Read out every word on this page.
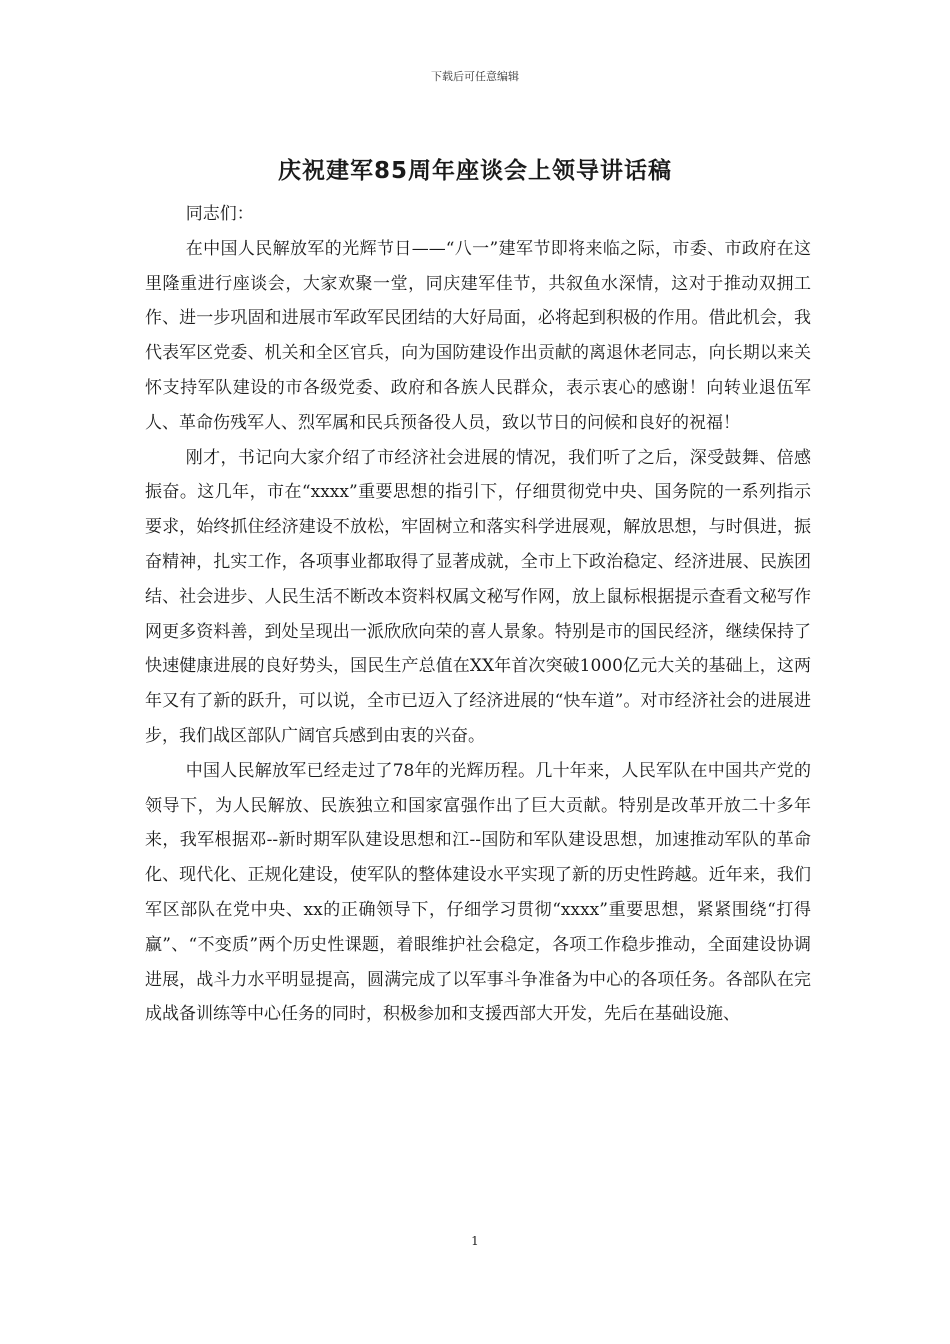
下载后可任意编辑
庆祝建军85周年座谈会上领导讲话稿

同志们：

在中国人民解放军的光辉节日——“八一”建军节即将来临之际，市委、市政府在这里隆重进行座谈会，大家欢聚一堂，同庆建军佳节，共叙鱼水深情，这对于推动双拥工作、进一步巩固和进展市军政军民团结的大好局面，必将起到积极的作用。借此机会，我代表军区党委、机关和全区官兵，向为国防建设作出贡献的离退休老同志，向长期以来关怀支持军队建设的市各级党委、政府和各族人民群众，表示衷心的感谢！向转业退伍军人、革命伤残军人、烈军属和民兵预备役人员，致以节日的问候和良好的祝福！

刚才，书记向大家介绍了市经济社会进展的情况，我们听了之后，深受鼓舞、倍感振奋。这几年，市在“xxxx”重要思想的指引下，仔细贯彻党中央、国务院的一系列指示要求，始终抓住经济建设不放松，牢固树立和落实科学进展观，解放思想，与时俱进，振奋精神，扎实工作，各项事业都取得了显著成就，全市上下政治稳定、经济进展、民族团结、社会进步、人民生活不断改本资料权属文秘写作网，放上鼠标根据提示查看文秘写作网更多资料善，到处呈现出一派欣欣向荣的喜人景象。特别是市的国民经济，继续保持了快速健康进展的良好势头，国民生产总值在XX年首次突破1000亿元大关的基础上，这两年又有了新的跃升，可以说，全市已迈入了经济进展的“快车道”。对市经济社会的进展进步，我们战区部队广阔官兵感到由衷的兴奋。

中国人民解放军已经走过了78年的光辉历程。几十年来，人民军队在中国共产党的领导下，为人民解放、民族独立和国家富强作出了巨大贡献。特别是改革开放二十多年来，我军根据邓--新时期军队建设思想和江--国防和军队建设思想，加速推动军队的革命化、现代化、正规化建设，使军队的整体建设水平实现了新的历史性跨越。近年来，我们军区部队在党中央、xx的正确领导下，仔细学习贯彻“xxxx”重要思想，紧紧围绕“打得赢”、“不变质”两个历史性课题，着眼维护社会稳定，各项工作稳步推动，全面建设协调进展，战斗力水平明显提高，圆满完成了以军事斗争准备为中心的各项任务。各部队在完成战备训练等中心任务的同时，积极参加和支援西部大开发，先后在基础设施、

1
